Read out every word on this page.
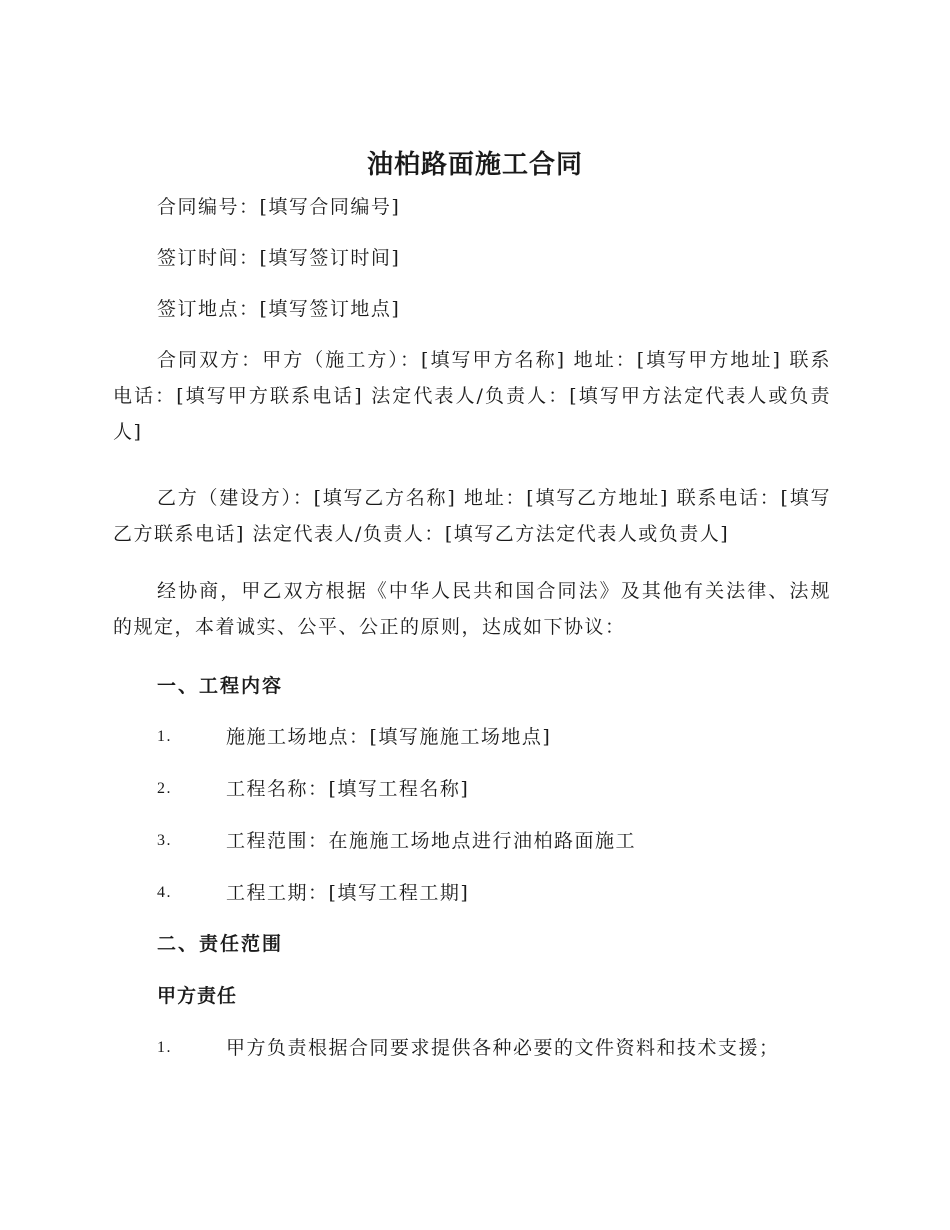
油柏路面施工合同

合同编号：[填写合同编号]

签订时间：[填写签订时间]

签订地点：[填写签订地点]

合同双方：甲方（施工方）：[填写甲方名称] 地址：[填写甲方地址] 联系电话：[填写甲方联系电话] 法定代表人/负责人：[填写甲方法定代表人或负责人]

乙方（建设方）：[填写乙方名称] 地址：[填写乙方地址] 联系电话：[填写乙方联系电话] 法定代表人/负责人：[填写乙方法定代表人或负责人]

经协商，甲乙双方根据《中华人民共和国合同法》及其他有关法律、法规的规定，本着诚实、公平、公正的原则，达成如下协议：

一、工程内容
1.	施施工场地点：[填写施施工场地点]
2.	工程名称：[填写工程名称]
3.	工程范围：在施施工场地点进行油柏路面施工
4.	工程工期：[填写工程工期]
二、责任范围
甲方责任
1.	甲方负责根据合同要求提供各种必要的文件资料和技术支援；
